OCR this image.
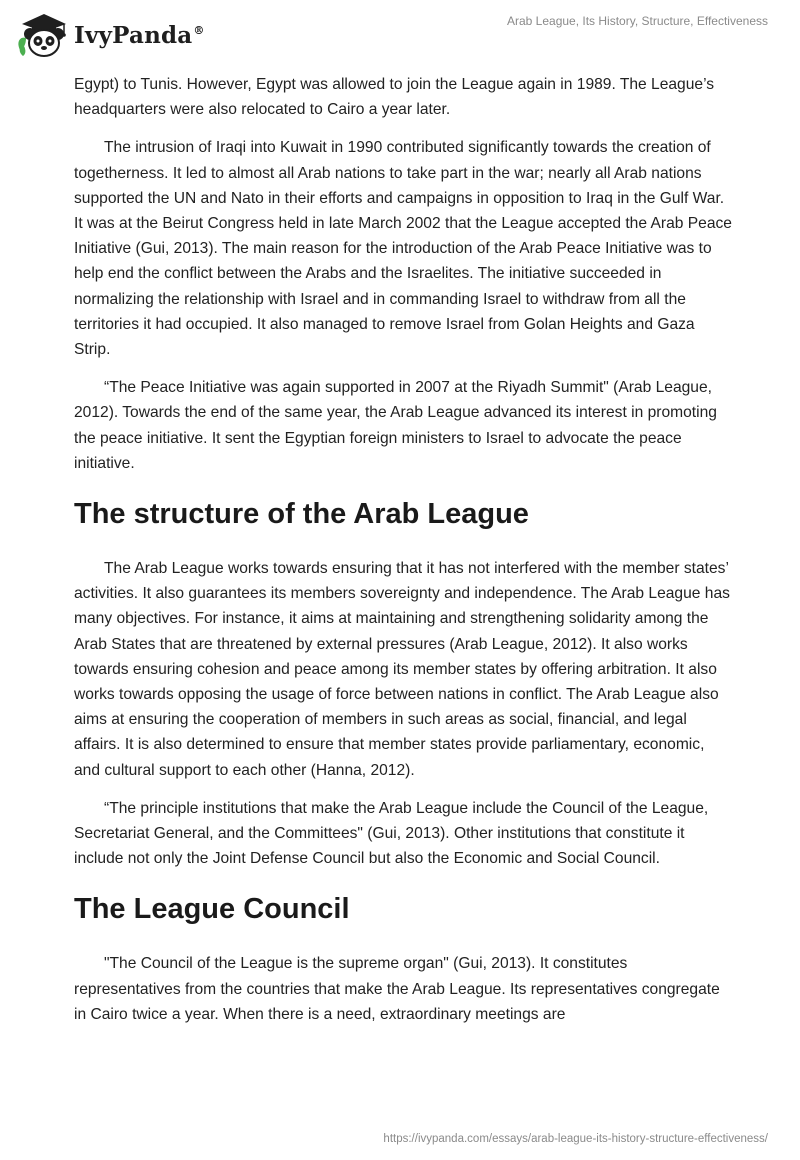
IvyPanda®
Arab League, Its History, Structure, Effectiveness

Egypt) to Tunis. However, Egypt was allowed to join the League again in 1989. The League’s headquarters were also relocated to Cairo a year later.

The intrusion of Iraqi into Kuwait in 1990 contributed significantly towards the creation of togetherness. It led to almost all Arab nations to take part in the war; nearly all Arab nations supported the UN and Nato in their efforts and campaigns in opposition to Iraq in the Gulf War. It was at the Beirut Congress held in late March 2002 that the League accepted the Arab Peace Initiative (Gui, 2013). The main reason for the introduction of the Arab Peace Initiative was to help end the conflict between the Arabs and the Israelites. The initiative succeeded in normalizing the relationship with Israel and in commanding Israel to withdraw from all the territories it had occupied. It also managed to remove Israel from Golan Heights and Gaza Strip.

“The Peace Initiative was again supported in 2007 at the Riyadh Summit" (Arab League, 2012). Towards the end of the same year, the Arab League advanced its interest in promoting the peace initiative. It sent the Egyptian foreign ministers to Israel to advocate the peace initiative.

The structure of the Arab League

The Arab League works towards ensuring that it has not interfered with the member states’ activities. It also guarantees its members sovereignty and independence. The Arab League has many objectives. For instance, it aims at maintaining and strengthening solidarity among the Arab States that are threatened by external pressures (Arab League, 2012). It also works towards ensuring cohesion and peace among its member states by offering arbitration. It also works towards opposing the usage of force between nations in conflict. The Arab League also aims at ensuring the cooperation of members in such areas as social, financial, and legal affairs. It is also determined to ensure that member states provide parliamentary, economic, and cultural support to each other (Hanna, 2012).

“The principle institutions that make the Arab League include the Council of the League, Secretariat General, and the Committees" (Gui, 2013). Other institutions that constitute it include not only the Joint Defense Council but also the Economic and Social Council.

The League Council

"The Council of the League is the supreme organ" (Gui, 2013). It constitutes representatives from the countries that make the Arab League. Its representatives congregate in Cairo twice a year. When there is a need, extraordinary meetings are

https://ivypanda.com/essays/arab-league-its-history-structure-effectiveness/
